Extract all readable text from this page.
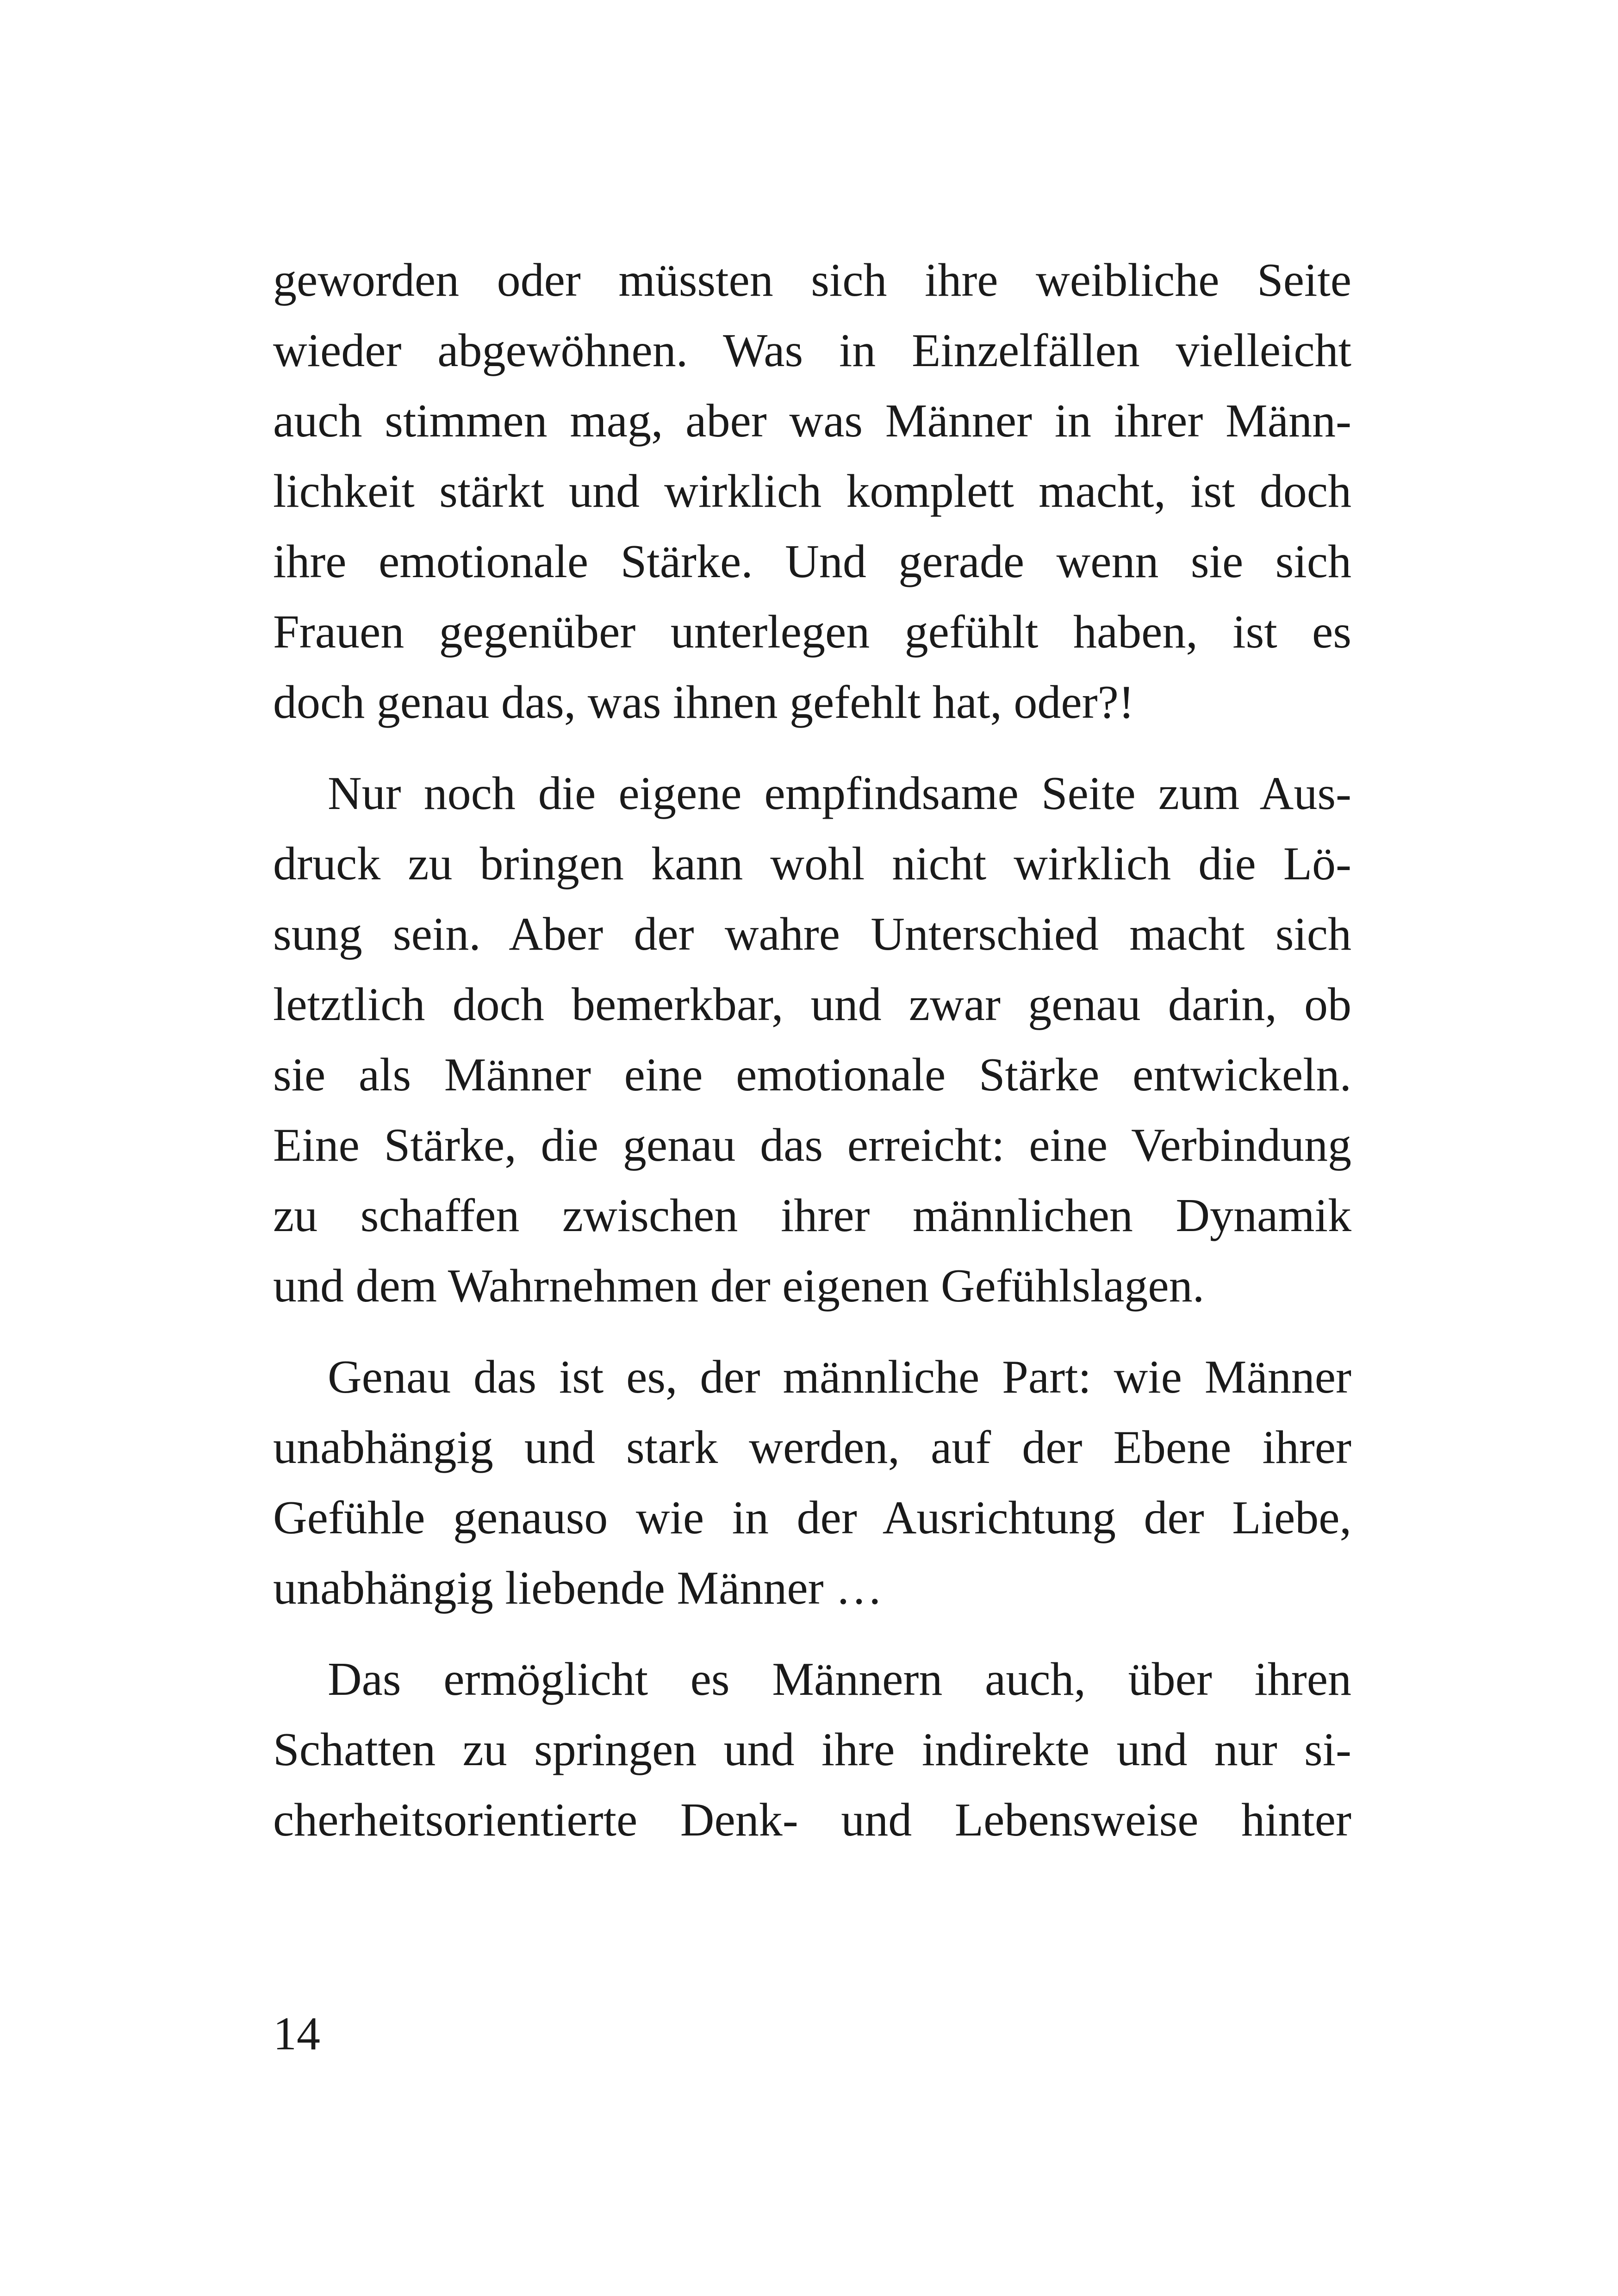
geworden oder müssten sich ihre weibliche Seite
wieder abgewöhnen. Was in Einzelfällen vielleicht
auch stimmen mag, aber was Männer in ihrer Männ-
lichkeit stärkt und wirklich komplett macht, ist doch
ihre emotionale Stärke. Und gerade wenn sie sich
Frauen gegenüber unterlegen gefühlt haben, ist es
doch genau das, was ihnen gefehlt hat, oder?!
Nur noch die eigene empfindsame Seite zum Aus-
druck zu bringen kann wohl nicht wirklich die Lö-
sung sein. Aber der wahre Unterschied macht sich
letztlich doch bemerkbar, und zwar genau darin, ob
sie als Männer eine emotionale Stärke entwickeln.
Eine Stärke, die genau das erreicht: eine Verbindung
zu schaffen zwischen ihrer männlichen Dynamik
und dem Wahrnehmen der eigenen Gefühlslagen.
Genau das ist es, der männliche Part: wie Männer
unabhängig und stark werden, auf der Ebene ihrer
Gefühle genauso wie in der Ausrichtung der Liebe,
unabhängig liebende Männer …
Das ermöglicht es Männern auch, über ihren
Schatten zu springen und ihre indirekte und nur si-
cherheitsorientierte Denk- und Lebensweise hinter
14
